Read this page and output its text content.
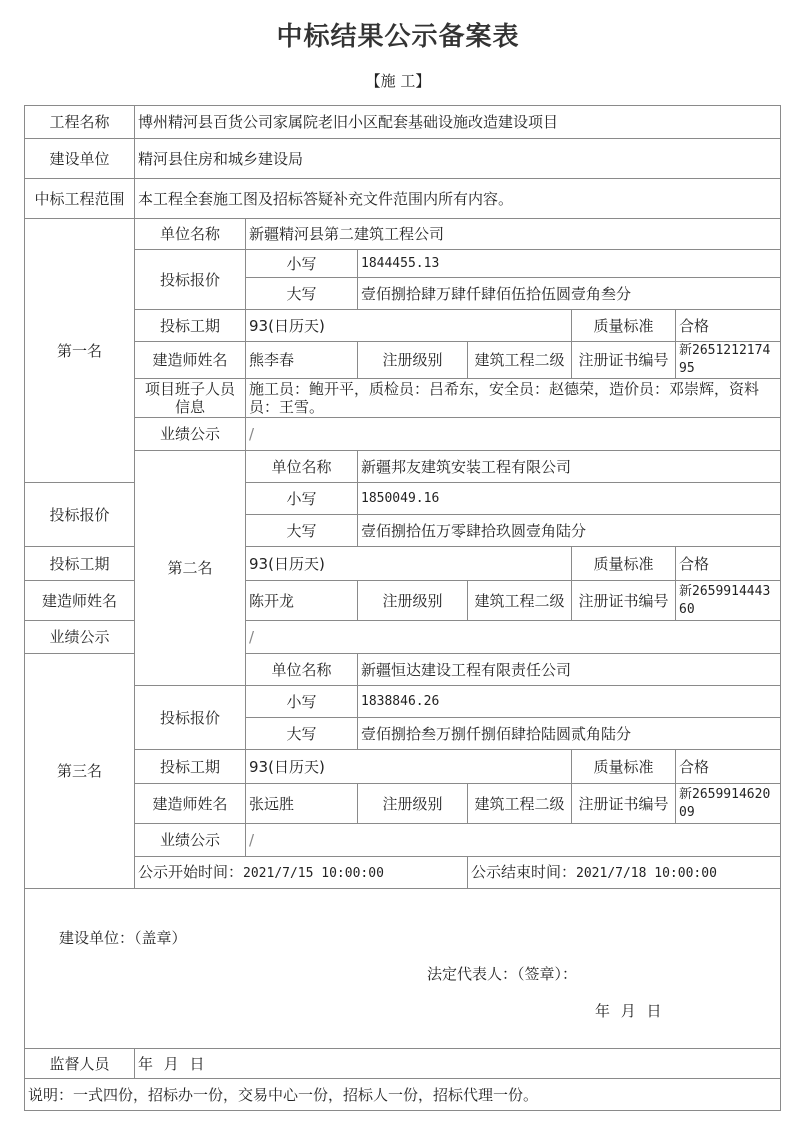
中标结果公示备案表
【施 工】
工程名称	博州精河县百货公司家属院老旧小区配套基础设施改造建设项目					
建设单位	精河县住房和城乡建设局					
中标工程范围	本工程全套施工图及招标答疑补充文件范围内所有内容。					
第一名	单位名称	新疆精河县第二建筑工程公司				
	投标报价	小写	1844455.13			
		大写	壹佰捌拾肆万肆仟肆佰伍拾伍圆壹角叁分			
	投标工期	93(日历天)			质量标准	合格
	建造师姓名	熊李春	注册级别	建筑工程二级	注册证书编号	新265121217495
	项目班子人员信息	施工员：鲍开平，质检员：吕希东，安全员：赵德荣，造价员：邓崇辉，资料员：王雪。				
	业绩公示	/				
	第二名	单位名称	新疆邦友建筑安装工程有限公司			
投标报价		小写	1850049.16			
		大写	壹佰捌拾伍万零肆拾玖圆壹角陆分			
投标工期		93(日历天)			质量标准	合格
建造师姓名		陈开龙	注册级别	建筑工程二级	注册证书编号	新265991444360
业绩公示		/				
第三名		单位名称	新疆恒达建设工程有限责任公司			
	投标报价	小写	1838846.26			
		大写	壹佰捌拾叁万捌仟捌佰肆拾陆圆贰角陆分			
	投标工期	93(日历天)			质量标准	合格
	建造师姓名	张远胜	注册级别	建筑工程二级	注册证书编号	新265991462009
	业绩公示	/				
	公示开始时间：2021/7/15 10:00:00			公示结束时间：2021/7/18 10:00:00		

建设单位：（盖章）
法定代表人：（签章）：
年 月 日						

监督人员	年 月 日					
说明：一式四份，招标办一份，交易中心一份，招标人一份，招标代理一份。						
